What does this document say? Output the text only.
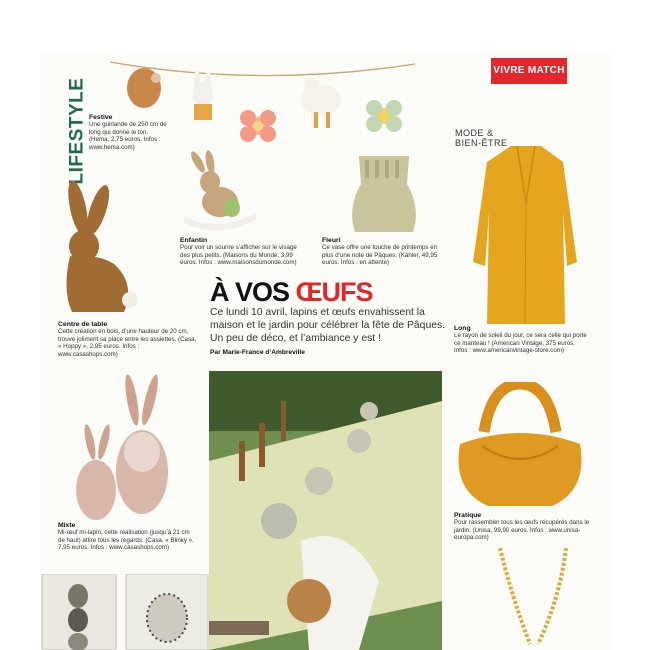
VIVRE MATCH
LIFESTYLE Festive
Une guirlande de 250 cm de long qui donne le ton. (Hema, 2,75 euros. Infos : www.hema.com)
Enfantin
Pour voir un sourire s’afficher sur le visage des plus petits. (Maisons du Monde, 3,99 euros. Infos : www.maisonsdumonde.com)
Fleuri
Ce vase offre une touche de printemps en plus d’une note de Pâques. (Kähler, 49,95 euros. Infos : en attente)
Centre de table
Cette création en bois, d’une hauteur de 20 cm, trouve joliment sa place entre les assiettes. (Casa, « Hoppy », 2,95 euros. Infos : www.casashops.com)
MODE &
BIEN-ÊTRE
Long
Le rayon de soleil du jour, ce sera celle qui porte ce manteau ! (American Vintage, 375 euros. Infos : www.americanvintage-store.com)
À VOS ŒUFS
Ce lundi 10 avril, lapins et œufs envahissent la maison et le jardin pour célébrer la fête de Pâques. Un peu de déco, et l’ambiance y est !
Par Marie-France d’Ambreville
Mixte
Mi-œuf mi-lapin, cette réalisation (jusqu’à 21 cm de haut) attire tous les regards. (Casa, « Blinky », 7,95 euros. Infos : www.casashops.com)
Pratique
Pour rassembler tous les œufs récupérés dans le jardin. (Unisa, 99,90 euros. Infos : www.unisa-europa.com)
